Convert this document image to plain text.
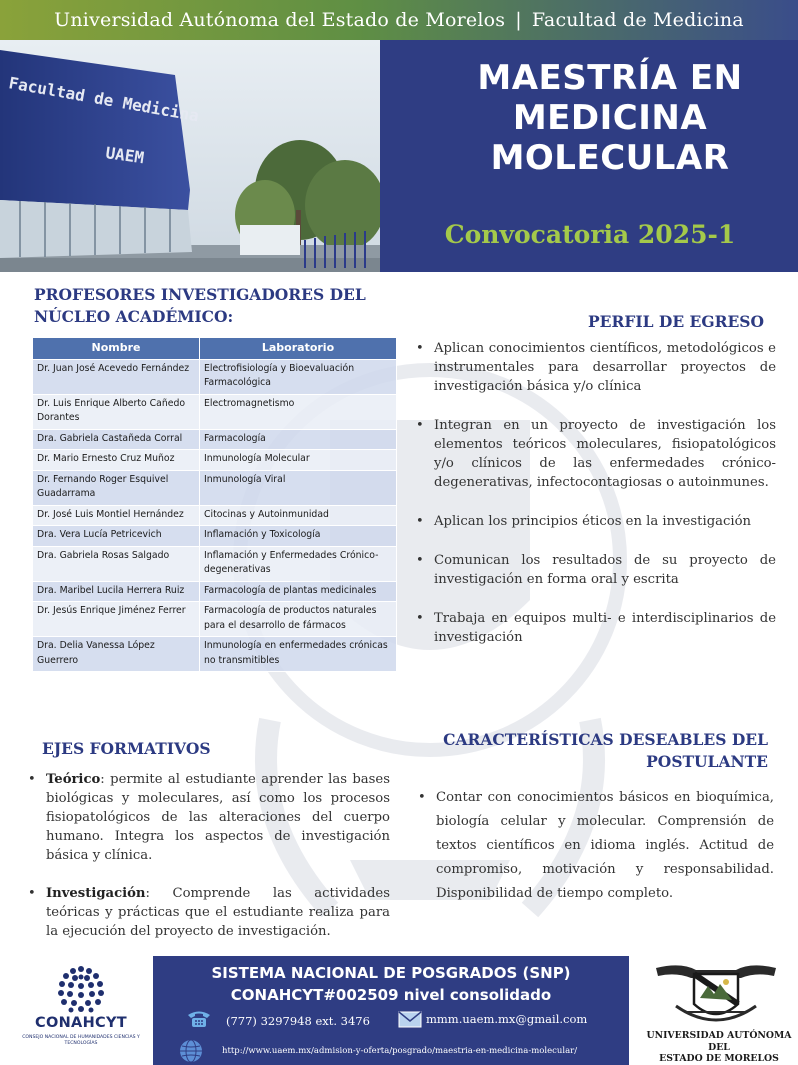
Universidad Autónoma del Estado de Morelos | Facultad de Medicina
Facultad de Medicina
UAEM
MAESTRÍA EN
MEDICINA
MOLECULAR
Convocatoria 2025-1

PROFESORES INVESTIGADORES DEL

NÚCLEO ACADÉMICO:

Nombre	Laboratorio
Dr. Juan José Acevedo Fernández	Electrofisiología y Bioevaluación Farmacológica
Dr. Luis Enrique Alberto Cañedo Dorantes	Electromagnetismo
Dra. Gabriela Castañeda Corral	Farmacología
Dr. Mario Ernesto Cruz Muñoz	Inmunología Molecular
Dr. Fernando Roger Esquivel Guadarrama	Inmunología Viral
Dr. José Luis Montiel Hernández	Citocinas y Autoinmunidad
Dra. Vera Lucía Petricevich	Inflamación y Toxicología
Dra. Gabriela Rosas Salgado	Inflamación y Enfermedades Crónico-degenerativas
Dra. Maribel Lucila Herrera Ruiz	Farmacología de plantas medicinales
Dr. Jesús Enrique Jiménez Ferrer	Farmacología de productos naturales para el desarrollo de fármacos
Dra. Delia Vanessa López Guerrero	Inmunología en enfermedades crónicas no transmitibles

PERFIL DE EGRESO

• Aplican conocimientos científicos, metodológicos e instrumentales para desarrollar proyectos de investigación básica y/o clínica
• Integran en un proyecto de investigación los elementos teóricos moleculares, fisiopatológicos y/o clínicos de las enfermedades crónico-degenerativas, infectocontagiosas o autoinmunes.
• Aplican los principios éticos en la investigación
• Comunican los resultados de su proyecto de investigación en forma oral y escrita
• Trabaja en equipos multi- e interdisciplinarios de investigación

EJES FORMATIVOS

• Teórico: permite al estudiante aprender las bases biológicas y moleculares, así como los procesos fisiopatológicos de las alteraciones del cuerpo humano. Integra los aspectos de investigación básica y clínica.
• Investigación: Comprende las actividades teóricas y prácticas que el estudiante realiza para la ejecución del proyecto de investigación.

CARACTERÍSTICAS DESEABLES DEL

POSTULANTE

• Contar con conocimientos básicos en bioquímica, biología celular y molecular. Comprensión de textos científicos en idioma inglés. Actitud de compromiso, motivación y responsabilidad. Disponibilidad de tiempo completo.
CONAHCYT
CONSEJO NACIONAL DE HUMANIDADES CIENCIAS Y TECNOLOGÍAS
SISTEMA NACIONAL DE POSGRADOS (SNP)
CONAHCYT#002509 nivel consolidado
(777) 3297948 ext. 3476	mmm.uaem.mx@gmail.com
http://www.uaem.mx/admision-y-oferta/posgrado/maestria-en-medicina-molecular/
UNIVERSIDAD AUTÓNOMA DEL
ESTADO DE MORELOS
